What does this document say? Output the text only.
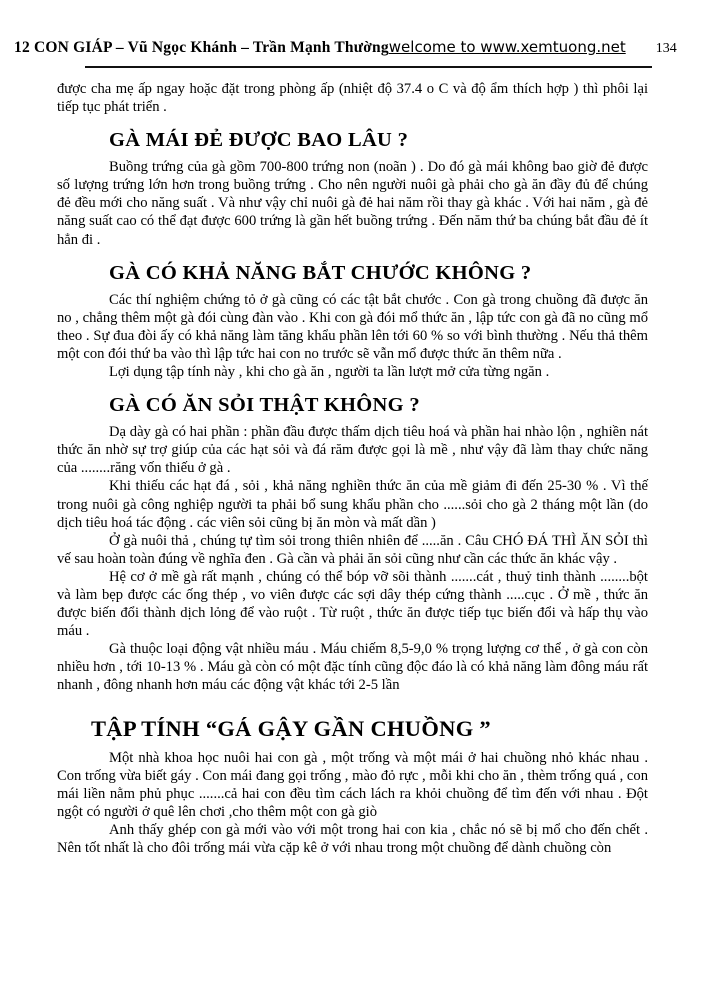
12 CON GIÁP – Vũ Ngọc Khánh – Trần Mạnh Thường welcome to www.xemtuong.net 134

được cha mẹ ấp ngay hoặc đặt trong phòng ấp (nhiệt độ 37.4 o C và độ ẩm thích hợp ) thì phôi lại tiếp tục phát triển .

GÀ MÁI ĐẺ ĐƯỢC BAO LÂU ?

Buồng trứng của gà gồm 700-800 trứng non (noãn ) . Do đó gà mái không bao giờ đẻ được số lượng trứng lớn hơn trong buồng trứng . Cho nên người nuôi gà phải cho gà ăn đầy đủ để chúng đẻ đều mới cho năng suất . Và như vậy chỉ nuôi gà đẻ hai năm rồi thay gà khác . Với hai năm , gà đẻ năng suất cao có thể đạt được 600 trứng là gần hết buồng trứng . Đến năm thứ ba chúng bắt đầu đẻ ít hẳn đi .

GÀ CÓ KHẢ NĂNG BẮT CHƯỚC KHÔNG ?

Các thí nghiệm chứng tỏ ở gà cũng có các tật bắt chước . Con gà trong chuồng đã được ăn no , chẳng thêm một gà đói cùng đàn vào . Khi con gà đói mổ thức ăn , lập tức con gà đã no cũng mổ theo . Sự đua đòi ấy có khả năng làm tăng khẩu phần lên tới 60 % so với bình thường . Nếu thả thêm một con đói thứ ba vào thì lập tức hai con no trước sẽ vẫn mổ được thức ăn thêm nữa .

Lợi dụng tập tính này , khi cho gà ăn , người ta lần lượt mở cửa từng ngăn .

GÀ CÓ ĂN SỎI THẬT KHÔNG ?

Dạ dày gà có hai phần : phần đầu được thấm dịch tiêu hoá và phần hai nhào lộn , nghiền nát thức ăn nhờ sự trợ giúp của các hạt sỏi và đá răm được gọi là mề , như vậy đã làm thay chức năng của ........răng vốn thiếu ở gà .

Khi thiếu các hạt đá , sỏi , khả năng nghiền thức ăn của mề giảm đi đến 25-30 % . Vì thế trong nuôi gà công nghiệp người ta phải bổ sung khẩu phần cho ......sỏi cho gà 2 tháng một lần (do dịch tiêu hoá tác động . các viên sỏi cũng bị ăn mòn và mất dần )

Ở gà nuôi thả , chúng tự tìm sỏi trong thiên nhiên để .....ăn . Câu CHÓ ĐÁ THÌ ĂN SỎI thì vế sau hoàn toàn đúng về nghĩa đen . Gà cần và phải ăn sỏi cũng như cần các thức ăn khác vậy .

Hệ cơ ở mề gà rất mạnh , chúng có thể bóp vỡ sõi thành .......cát , thuỷ tinh thành ........bột và làm bẹp được các ống thép , vo viên được các sợi dây thép cứng thành .....cục . Ở mề , thức ăn được biến đổi thành dịch lỏng để vào ruột . Từ ruột , thức ăn được tiếp tục biến đổi và hấp thụ vào máu .

Gà thuộc loại động vật nhiều máu . Máu chiếm 8,5-9,0 % trọng lượng cơ thể , ở gà con còn nhiều hơn , tới 10-13 % . Máu gà còn có một đặc tính cũng độc đáo là có khả năng làm đông máu rất nhanh , đông nhanh hơn máu các động vật khác tới 2-5 lần

TẬP TÍNH “GÁ GẬY GẦN CHUỒNG ”

Một nhà khoa học nuôi hai con gà , một trống và một mái ở hai chuồng nhỏ khác nhau . Con trống vừa biết gáy . Con mái đang gọi trống , mào đỏ rực , mỗi khi cho ăn , thèm trống quá , con mái liền nằm phủ phục .......cả hai con đều tìm cách lách ra khỏi chuồng để tìm đến với nhau . Đột ngột có người ở quê lên chơi ,cho thêm một con gà giò

Anh thấy ghép con gà mới vào với một trong hai con kia , chắc nó sẽ bị mổ cho đến chết . Nên tốt nhất là cho đôi trống mái vừa cặp kê ở với nhau trong một chuồng để dành chuồng còn
